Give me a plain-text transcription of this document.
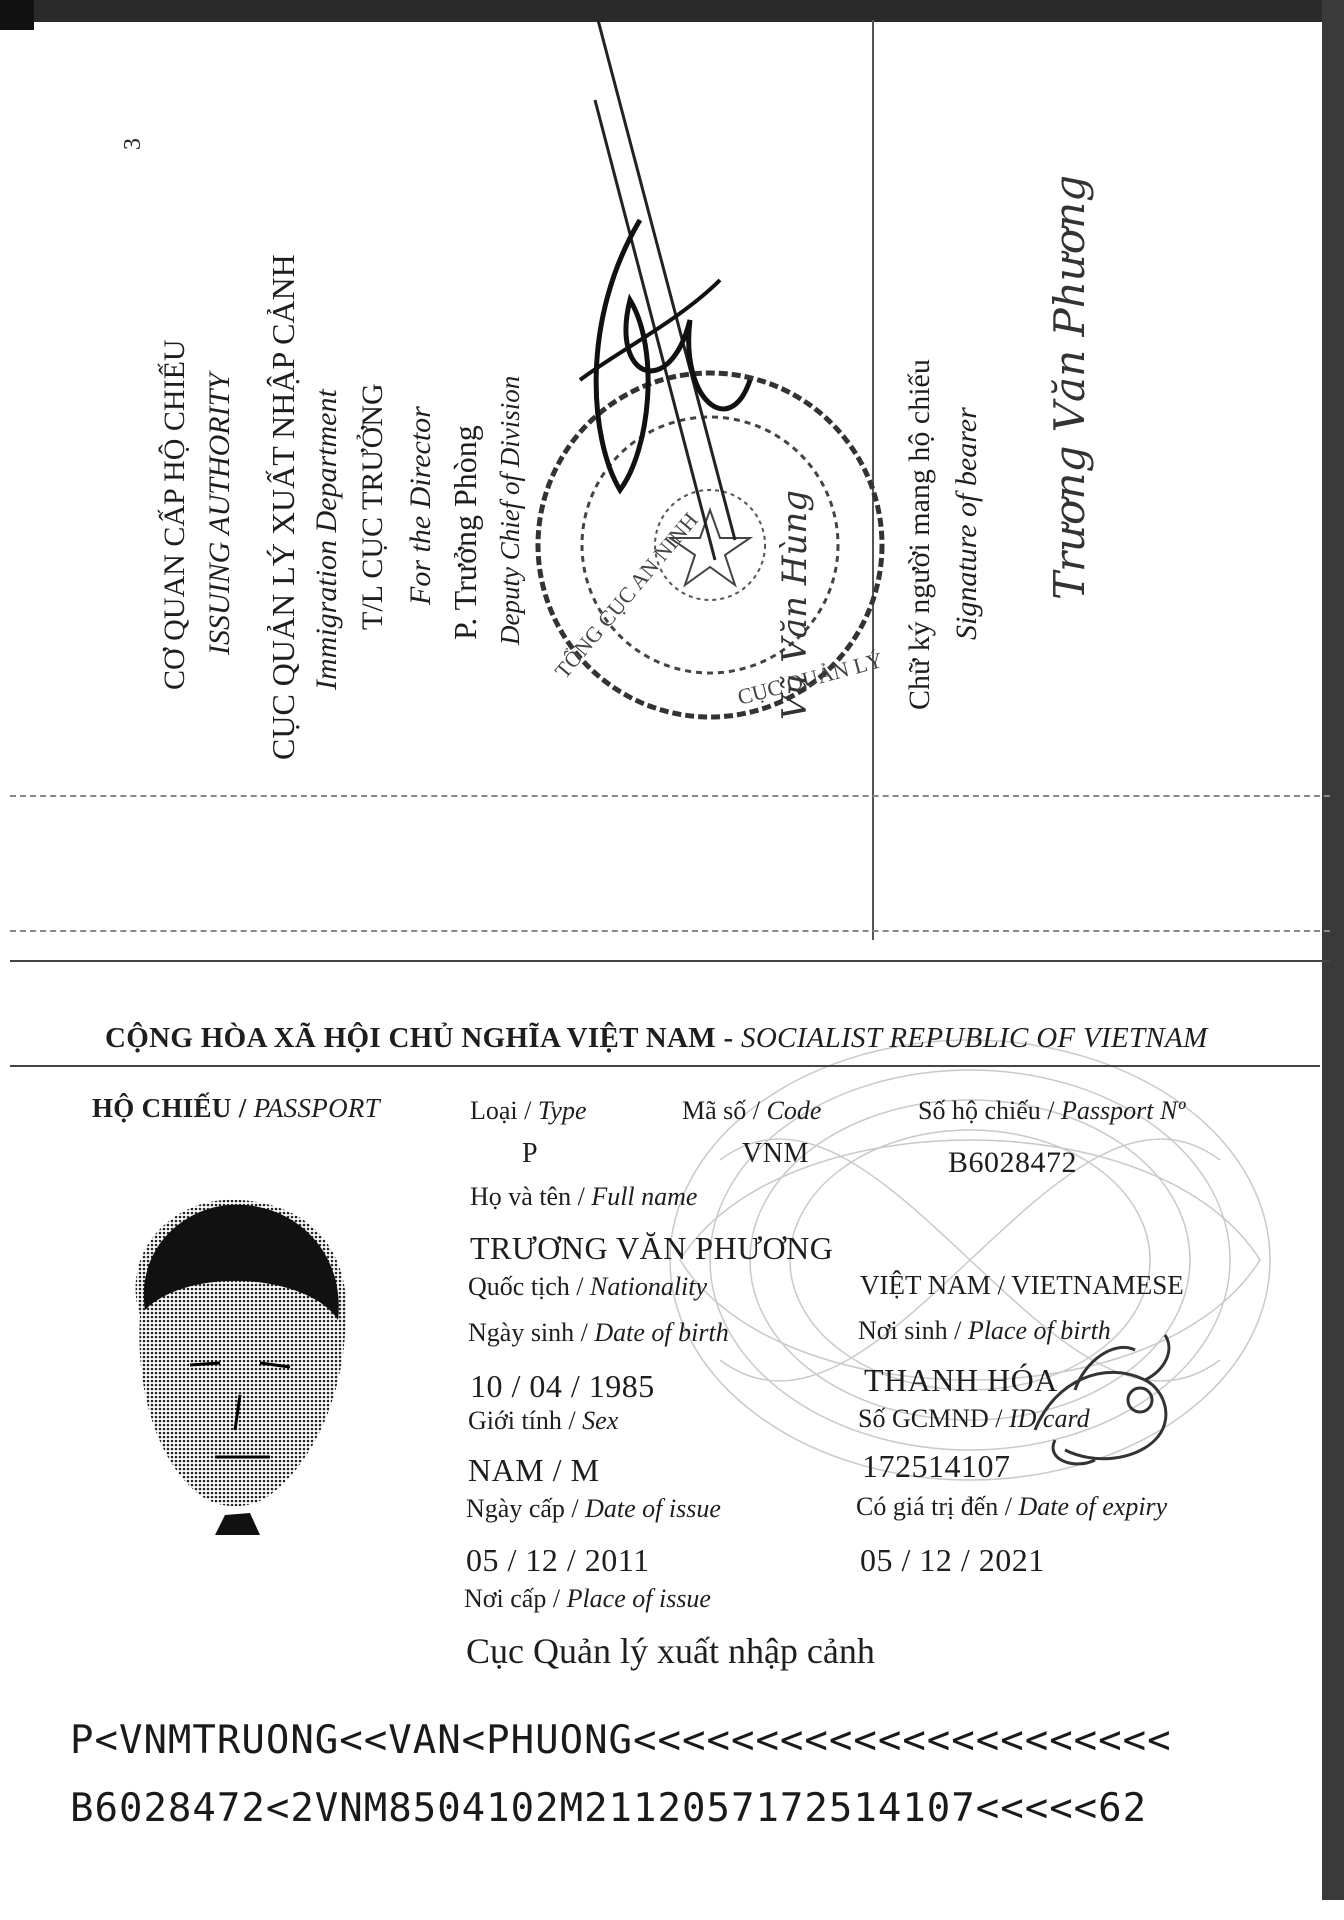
3
CƠ QUAN CẤP HỘ CHIẾU ISSUING AUTHORITY CỤC QUẢN LÝ XUẤT NHẬP CẢNH Immigration Department T/L CỤC TRƯỞNG For the Director P. Trưởng Phòng Deputy Chief of Division TỔNG CỤC AN NINH CỤC QUẢN LÝ
Vũ Văn Hùng	Chữ ký người mang hộ chiếu Signature of bearer Trương Văn Phương
CỘNG HÒA XÃ HỘI CHỦ NGHĨA VIỆT NAM - SOCIALIST REPUBLIC OF VIETNAM
HỘ CHIẾU / PASSPORT	Loại / Type	Mã số / Code	Số hộ chiếu / Passport Nº
P	VNM	B6028472
Họ và tên / Full name
TRƯƠNG VĂN PHƯƠNG
Quốc tịch / Nationality	VIỆT NAM / VIETNAMESE
Ngày sinh / Date of birth	Nơi sinh / Place of birth
10 / 04 / 1985	THANH HÓA
Giới tính / Sex	Số GCMND / ID card
NAM / M	172514107
Ngày cấp / Date of issue	Có giá trị đến / Date of expiry
05 / 12 / 2011	05 / 12 / 2021
Nơi cấp / Place of issue
Cục Quản lý xuất nhập cảnh
P<VNMTRUONG<<VAN<PHUONG<<<<<<<<<<<<<<<<<<<<<<
B6028472<2VNM8504102M2112057172514107<<<<<62
